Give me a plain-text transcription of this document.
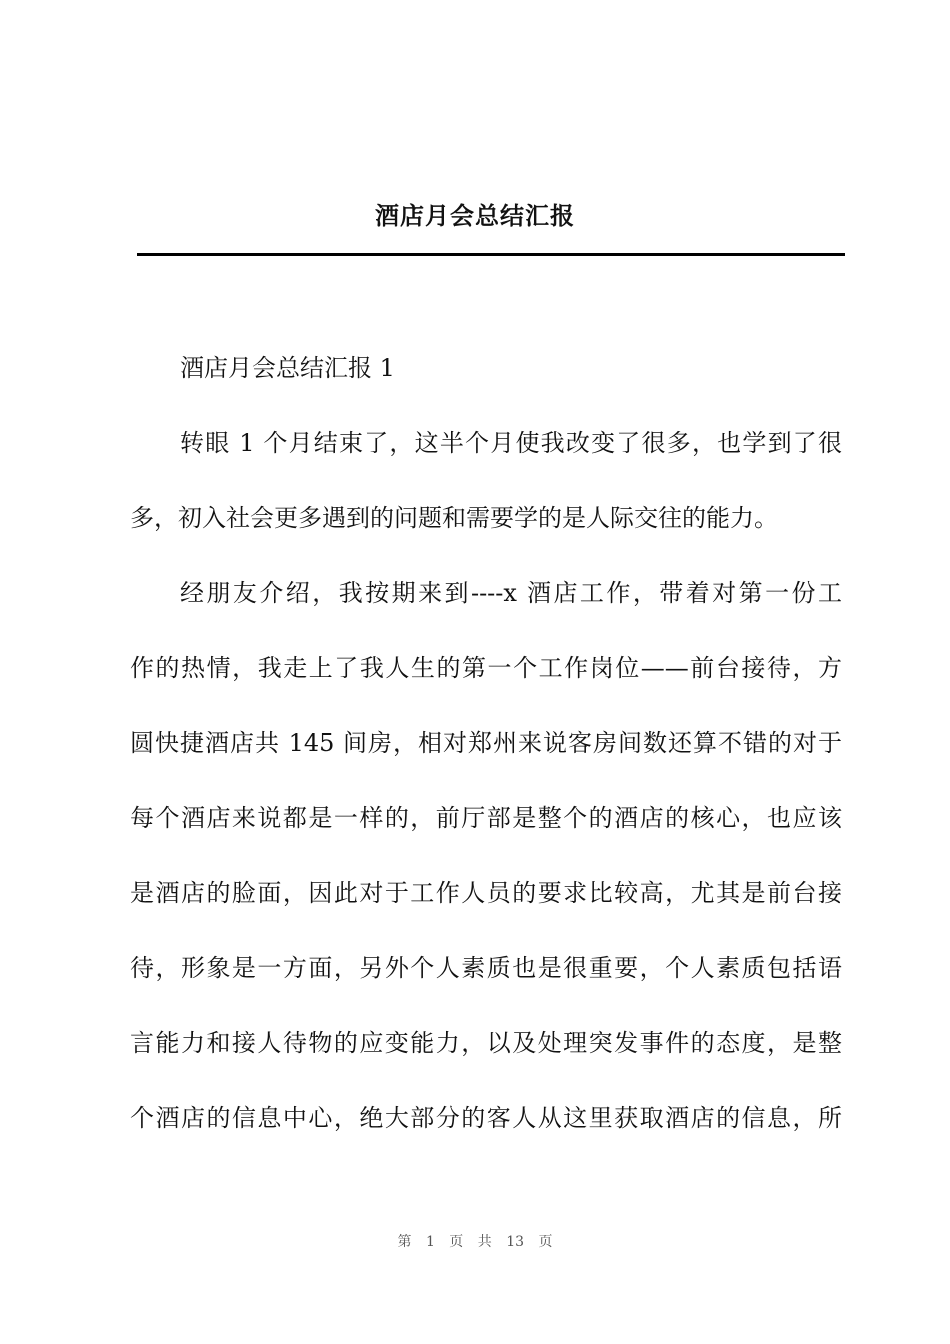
酒店月会总结汇报

酒店月会总结汇报 1

转眼 1 个月结束了，这半个月使我改变了很多，也学到了很

多，初入社会更多遇到的问题和需要学的是人际交往的能力。

经朋友介绍，我按期来到----x 酒店工作，带着对第一份工

作的热情，我走上了我人生的第一个工作岗位——前台接待，方

圆快捷酒店共 145 间房，相对郑州来说客房间数还算不错的对于

每个酒店来说都是一样的，前厅部是整个的酒店的核心，也应该

是酒店的脸面，因此对于工作人员的要求比较高，尤其是前台接

待，形象是一方面，另外个人素质也是很重要，个人素质包括语

言能力和接人待物的应变能力，以及处理突发事件的态度，是整

个酒店的信息中心，绝大部分的客人从这里获取酒店的信息，所

第 1 页 共 13 页
